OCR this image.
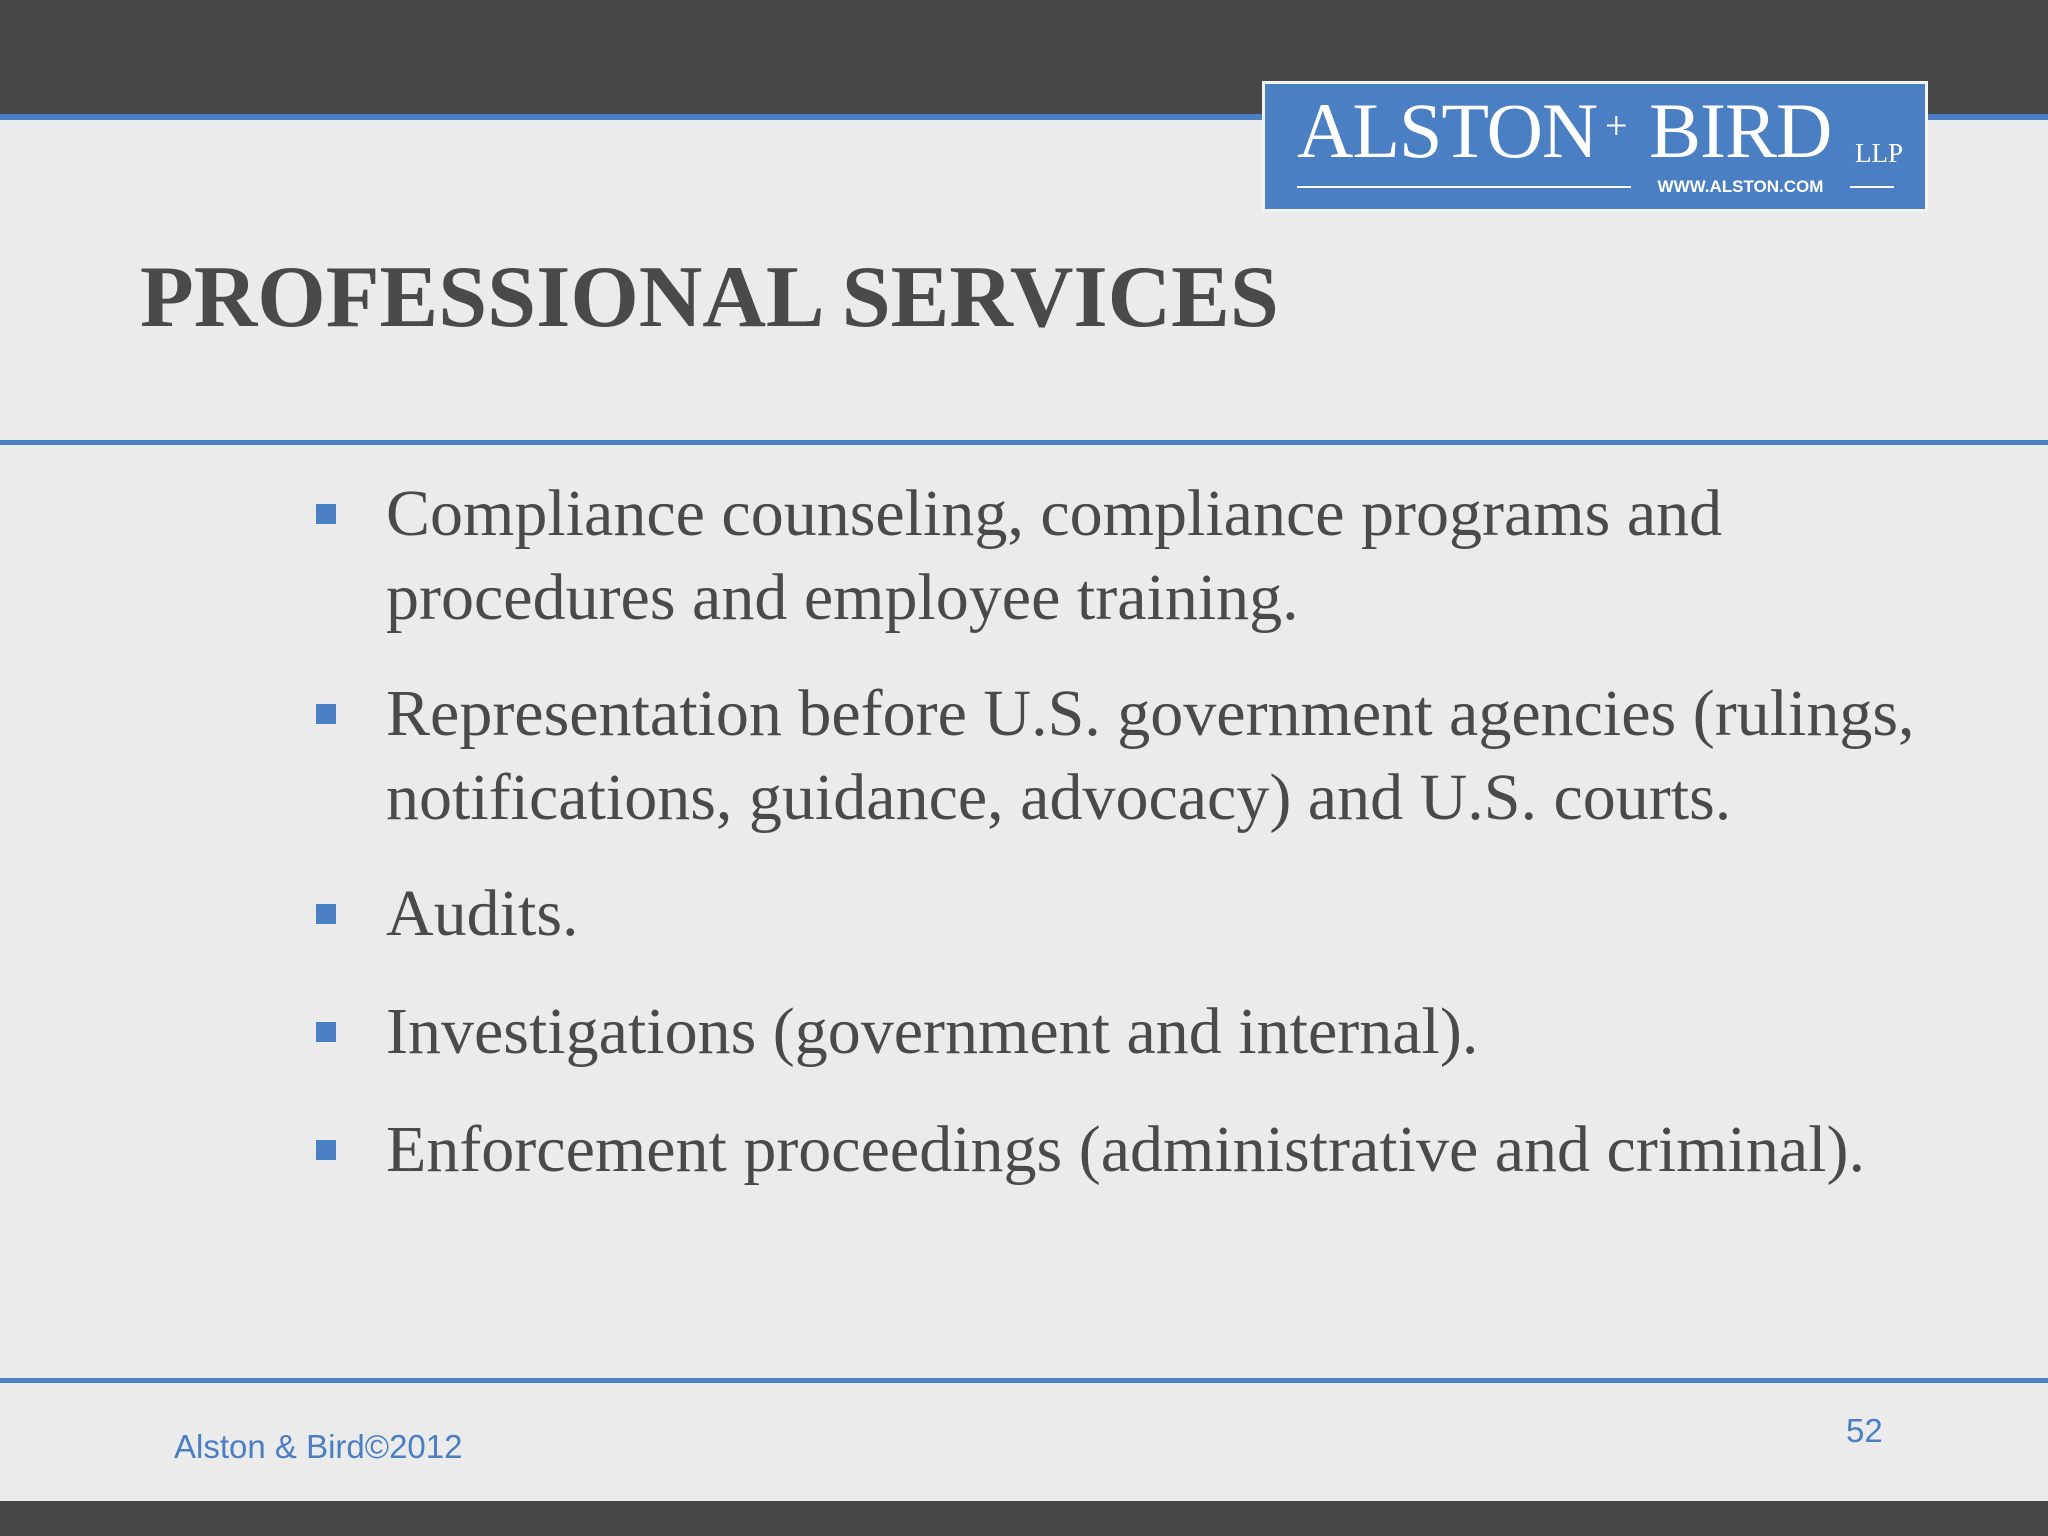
ALSTON + BIRD LLP
WWW.ALSTON.COM
PROFESSIONAL SERVICES
Compliance counseling, compliance programs and procedures and employee training.
Representation before U.S. government agencies (rulings, notifications, guidance, advocacy) and U.S. courts.
Audits.
Investigations (government and internal).
Enforcement proceedings (administrative and criminal).
Alston & Bird©2012	52
